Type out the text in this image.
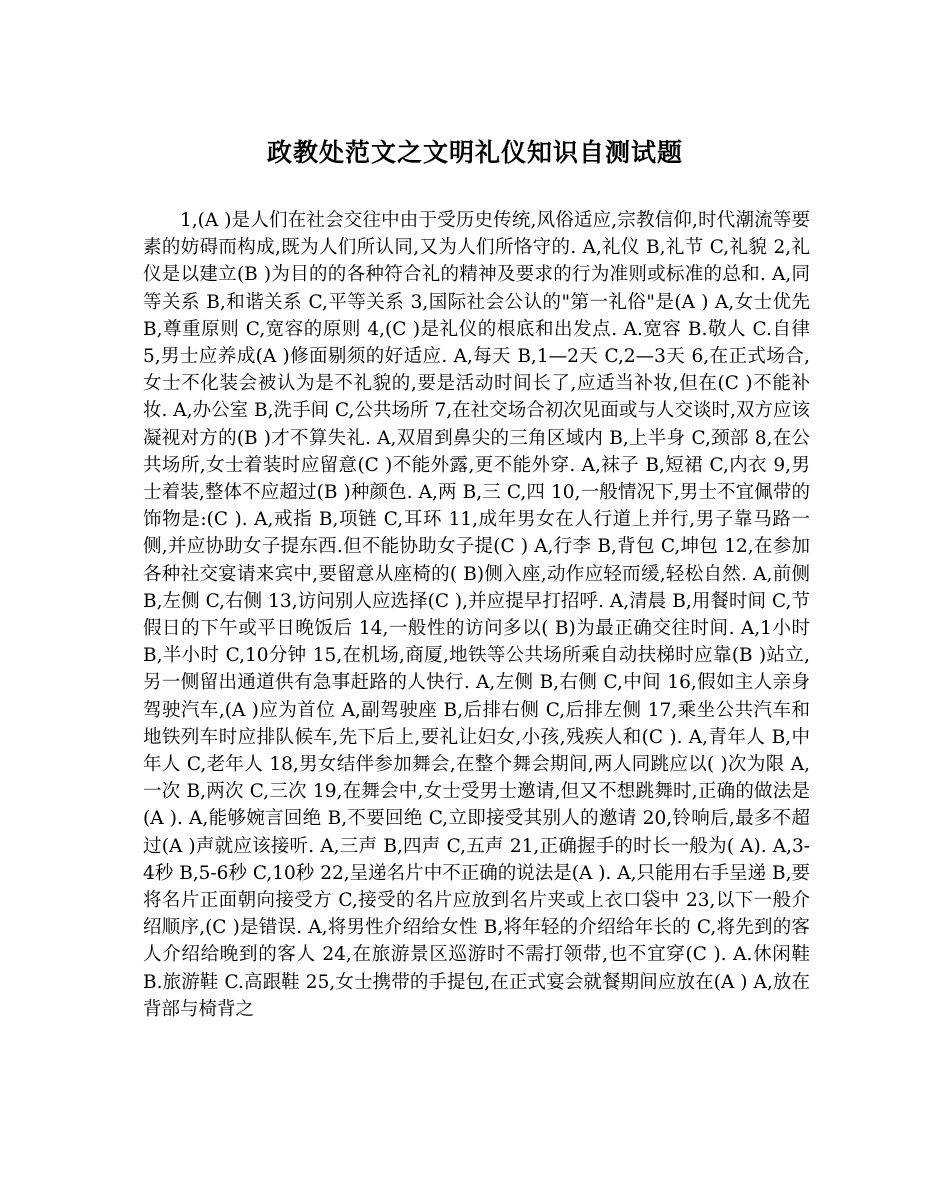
政教处范文之文明礼仪知识自测试题

1,(A )是人们在社会交往中由于受历史传统,风俗适应,宗教信仰,时代潮流等要素的妨碍而构成,既为人们所认同,又为人们所恪守的. A,礼仪 B,礼节 C,礼貌 2,礼仪是以建立(B )为目的的各种符合礼的精神及要求的行为准则或标准的总和. A,同等关系 B,和谐关系 C,平等关系 3,国际社会公认的"第一礼俗"是(A ) A,女士优先 B,尊重原则 C,宽容的原则 4,(C )是礼仪的根底和出发点. A.宽容 B.敬人 C.自律 5,男士应养成(A )修面剔须的好适应. A,每天 B,1—2天 C,2—3天 6,在正式场合,女士不化装会被认为是不礼貌的,要是活动时间长了,应适当补妆,但在(C )不能补妆. A,办公室 B,洗手间 C,公共场所 7,在社交场合初次见面或与人交谈时,双方应该凝视对方的(B )才不算失礼. A,双眉到鼻尖的三角区域内 B,上半身 C,颈部 8,在公共场所,女士着装时应留意(C )不能外露,更不能外穿. A,袜子 B,短裙 C,内衣 9,男士着装,整体不应超过(B )种颜色. A,两 B,三 C,四 10,一般情况下,男士不宜佩带的饰物是:(C ). A,戒指 B,项链 C,耳环 11,成年男女在人行道上并行,男子靠马路一侧,并应协助女子提东西.但不能协助女子提(C ) A,行李 B,背包 C,坤包 12,在参加各种社交宴请来宾中,要留意从座椅的( B)侧入座,动作应轻而缓,轻松自然. A,前侧 B,左侧 C,右侧 13,访问别人应选择(C ),并应提早打招呼. A,清晨 B,用餐时间 C,节假日的下午或平日晚饭后 14,一般性的访问多以( B)为最正确交往时间. A,1小时 B,半小时 C,10分钟 15,在机场,商厦,地铁等公共场所乘自动扶梯时应靠(B )站立,另一侧留出通道供有急事赶路的人快行. A,左侧 B,右侧 C,中间 16,假如主人亲身驾驶汽车,(A )应为首位 A,副驾驶座 B,后排右侧 C,后排左侧 17,乘坐公共汽车和地铁列车时应排队候车,先下后上,要礼让妇女,小孩,残疾人和(C ). A,青年人 B,中年人 C,老年人 18,男女结伴参加舞会,在整个舞会期间,两人同跳应以( )次为限 A,一次 B,两次 C,三次 19,在舞会中,女士受男士邀请,但又不想跳舞时,正确的做法是(A ). A,能够婉言回绝 B,不要回绝 C,立即接受其别人的邀请 20,铃响后,最多不超过(A )声就应该接听. A,三声 B,四声 C,五声 21,正确握手的时长一般为( A). A,3-4秒 B,5-6秒 C,10秒 22,呈递名片中不正确的说法是(A ). A,只能用右手呈递 B,要将名片正面朝向接受方 C,接受的名片应放到名片夹或上衣口袋中 23,以下一般介绍顺序,(C )是错误. A,将男性介绍给女性 B,将年轻的介绍给年长的 C,将先到的客人介绍给晚到的客人 24,在旅游景区巡游时不需打领带,也不宜穿(C ). A.休闲鞋 B.旅游鞋 C.高跟鞋 25,女士携带的手提包,在正式宴会就餐期间应放在(A ) A,放在背部与椅背之
